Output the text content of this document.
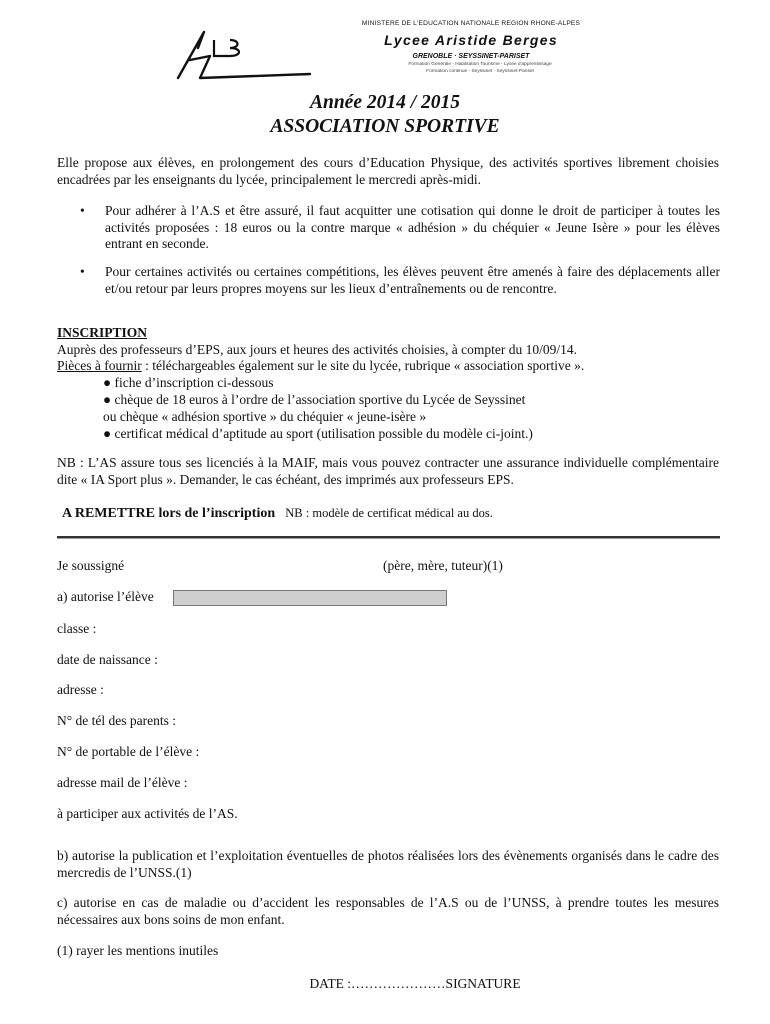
MINISTERE DE L'EDUCATION NATIONALE REGION RHONE-ALPES
Lycee Aristide Berges
GRENOBLE · SEYSSINET-PARISET
Formation Générale - Habilitation Tourisme - Lycée d'apprentissage
Formation continue - Seyssinet - Seyssinet-Pariset
Année 2014 / 2015
ASSOCIATION SPORTIVE
Elle propose aux élèves, en prolongement des cours d’Education Physique, des activités sportives librement choisies encadrées par les enseignants du lycée, principalement le mercredi après-midi.
• Pour adhérer à l’A.S et être assuré, il faut acquitter une cotisation qui donne le droit de participer à toutes les activités proposées : 18 euros ou la contre marque « adhésion » du chéquier « Jeune Isère » pour les élèves entrant en seconde.
• Pour certaines activités ou certaines compétitions, les élèves peuvent être amenés à faire des déplacements aller et/ou retour par leurs propres moyens sur les lieux d’entraînements ou de rencontre.
INSCRIPTION
Auprès des professeurs d’EPS, aux jours et heures des activités choisies, à compter du 10/09/14.
Pièces à fournir : téléchargeables également sur le site du lycée, rubrique « association sportive ».
● fiche d’inscription ci-dessous
● chèque de 18 euros à l’ordre de l’association sportive du Lycée de Seyssinet
ou chèque « adhésion sportive » du chéquier « jeune-isère »
● certificat médical d’aptitude au sport (utilisation possible du modèle ci-joint.)
NB : L’AS assure tous ses licenciés à la MAIF, mais vous pouvez contracter une assurance individuelle complémentaire dite « IA Sport plus ». Demander, le cas échéant, des imprimés aux professeurs EPS.
A REMETTRE lors de l’inscription NB : modèle de certificat médical au dos.
Je soussigné	(père, mère, tuteur)(1)
a) autorise l’élève
classe :
date de naissance :
adresse :
N° de tél des parents :
N° de portable de l’élève :
adresse mail de l’élève :
à participer aux activités de l’AS.
b) autorise la publication et l’exploitation éventuelles de photos réalisées lors des évènements organisés dans le cadre des mercredis de l’UNSS.(1)
c) autorise en cas de maladie ou d’accident les responsables de l’A.S ou de l’UNSS, à prendre toutes les mesures nécessaires aux bons soins de mon enfant.
(1) rayer les mentions inutiles
DATE :…………………SIGNATURE
